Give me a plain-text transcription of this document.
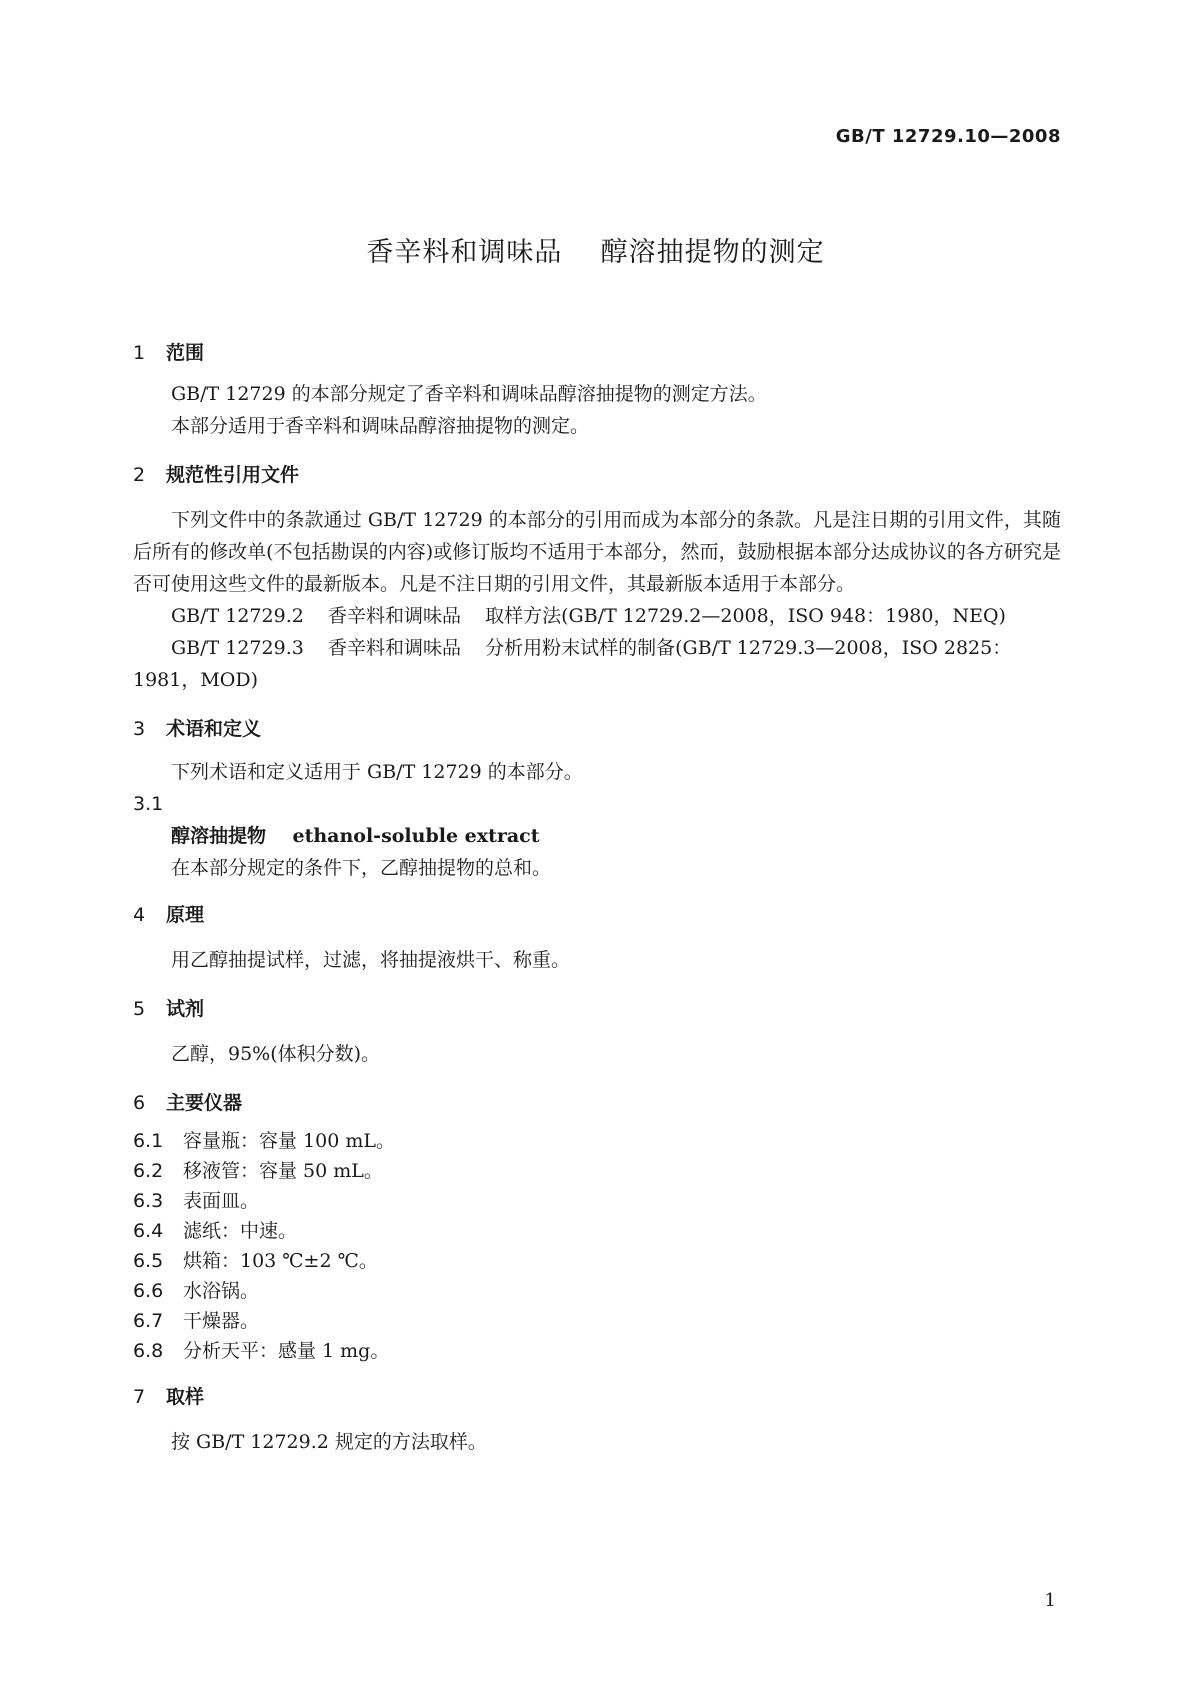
GB/T 12729.10—2008
香辛料和调味品    醇溶抽提物的测定
1	范围
GB/T 12729 的本部分规定了香辛料和调味品醇溶抽提物的测定方法。
本部分适用于香辛料和调味品醇溶抽提物的测定。
2	规范性引用文件
下列文件中的条款通过 GB/T 12729 的本部分的引用而成为本部分的条款。凡是注日期的引用文件，其随后所有的修改单(不包括勘误的内容)或修订版均不适用于本部分，然而，鼓励根据本部分达成协议的各方研究是否可使用这些文件的最新版本。凡是不注日期的引用文件，其最新版本适用于本部分。
GB/T 12729.2    香辛料和调味品    取样方法(GB/T 12729.2—2008，ISO 948：1980，NEQ)
GB/T 12729.3    香辛料和调味品    分析用粉末试样的制备(GB/T 12729.3—2008，ISO 2825：1981，MOD)
3	术语和定义
下列术语和定义适用于 GB/T 12729 的本部分。
3.1
醇溶抽提物 ethanol-soluble extract
在本部分规定的条件下，乙醇抽提物的总和。
4	原理
用乙醇抽提试样，过滤，将抽提液烘干、称重。
5	试剂
乙醇，95%(体积分数)。
6	主要仪器
6.1	容量瓶：容量 100 mL。
6.2	移液管：容量 50 mL。
6.3	表面皿。
6.4	滤纸：中速。
6.5	烘箱：103 ℃±2 ℃。
6.6	水浴锅。
6.7	干燥器。
6.8	分析天平：感量 1 mg。
7	取样
按 GB/T 12729.2 规定的方法取样。
1
